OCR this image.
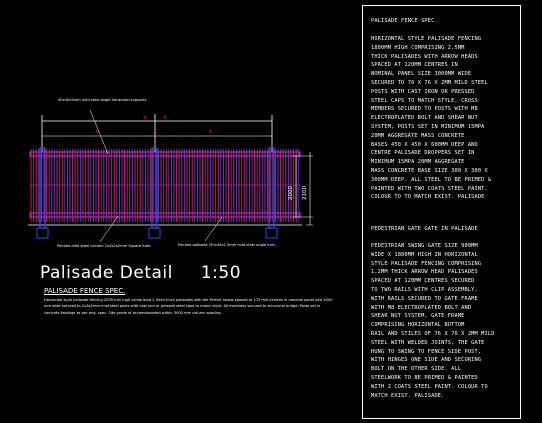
2000 2100
x
x	x
x
x
40x40x5mm mild steel angle horizontal supports
Painted mild steel column 2x3x2x2mm Square tube.	Painted palisade (50x30x2,5mm mild steel angle iron)
Palisade Detail 1:50
PALISADE FENCE SPEC.
Horizontal style palisade fencing 2000 mm high comprising 2,5mm thick palisades with die Perfort heads spaced at 170 mm centres in nominal panel size 3000 mm wide secured to 2x3x2mm mild steel posts with cast iron or pressed steel caps to match style. All members secured to structural bridge. Posts set in concrete footings as per eng. spec. Site grade of accommodated within 3000 mm column spacing.
PALISADE FENCE SPEC.
HORIZONTAL STYLE PALISADE FENCING
1800MM HIGH COMPRISING 2,5MM
THICK PALISADES WITH ARROW HEADS
SPACED AT 120MM CENTRES IN
NOMINAL PANEL SIZE 3000MM WIDE
SECURED TO 76 X 76 X 2MM MILD STEEL
POSTS WITH CAST IRON OR PRESSED
STEEL CAPS TO MATCH STYLE, CROSS
MEMBERS SECURED TO POSTS WITH M8
ELECTROPLATED BOLT AND SHEAR NUT
SYSTEM, POSTS SET IN MINIMUM 15MPA
20MM AGGREGATE MASS CONCRETE
BASES 450 X 450 X 600MM DEEP AND
CENTRE PALISADE DROPPERS SET IN
MINIMUM 15MPA 20MM AGGREGATE
MASS CONCRETE BASE SIZE 300 X 300 X
300MM DEEP. ALL STEEL TO BE PRIMED &
PAINTED WITH TWO COATS STEEL PAINT.
COLOUR TO TO MATCH EXIST. PALISADE
PEDESTRIAN GATE GATE IN PALISADE
PEDESTRIAN SWING GATE SIZE 900MM
WIDE X 1800MM HIGH IN HORIZONTAL
STYLE PALISADE FENCING COMPRISING
1,2MM THICK ARROW HEAD PALISADES
SPACED AT 120MM CENTRES SECURED
TO TWO RAILS WITH CLIP ASSEMBLY,
WITH RAILS SECURED TO GATE FRAME
WITH M8 ELECTROPLATED BOLT AND
SHEAR NUT SYSTEM, GATE FRAME
COMPRISING HORIZONTAL BOTTOM
RAIL AND STILES OF 76 X 76 X 2MM MILD
STEEL WITH WELDED JOINTS, THE GATE
HUNG TO SWING TO FENCE SIDE POST,
WITH HINGES ONE SIDE AND SECURING
BOLT ON THE OTHER SIDE. ALL
STEELWORK TO BE PRIMED & PAINTED
WITH 2 COATS STEEL PAINT. COLOUR TO
MATCH EXIST. PALISADE.
